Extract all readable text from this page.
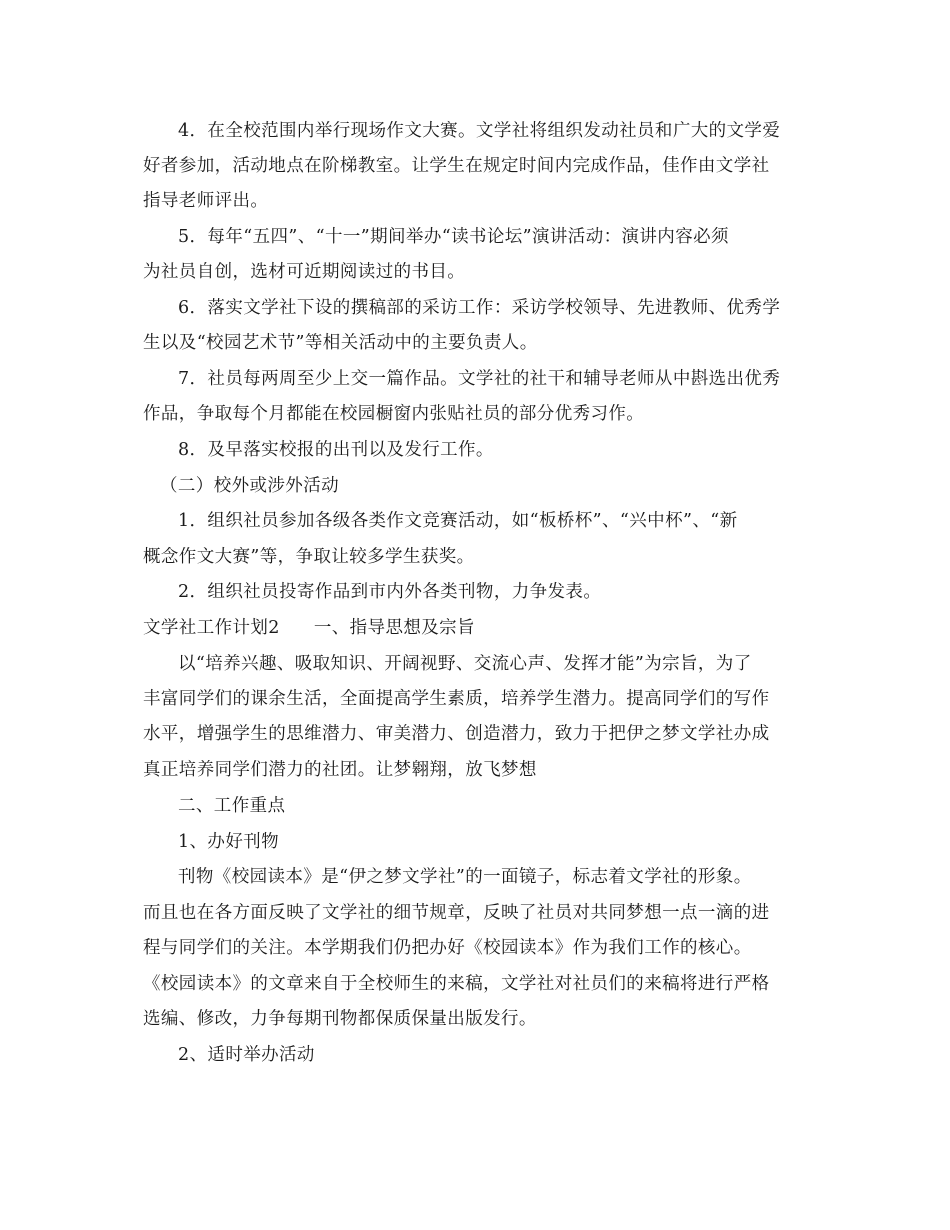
4．在全校范围内举行现场作文大赛。文学社将组织发动社员和广大的文学爱
好者参加，活动地点在阶梯教室。让学生在规定时间内完成作品，佳作由文学社
指导老师评出。
5．每年“五四”、“十一”期间举办“读书论坛”演讲活动：演讲内容必须
为社员自创，选材可近期阅读过的书目。
6．落实文学社下设的撰稿部的采访工作：采访学校领导、先进教师、优秀学
生以及“校园艺术节”等相关活动中的主要负责人。
7．社员每两周至少上交一篇作品。文学社的社干和辅导老师从中斟选出优秀
作品，争取每个月都能在校园橱窗内张贴社员的部分优秀习作。
8．及早落实校报的出刊以及发行工作。
（二）校外或涉外活动
1．组织社员参加各级各类作文竞赛活动，如“板桥杯”、“兴中杯”、“新
概念作文大赛”等，争取让较多学生获奖。
2．组织社员投寄作品到市内外各类刊物，力争发表。
文学社工作计划2 一、指导思想及宗旨
以“培养兴趣、吸取知识、开阔视野、交流心声、发挥才能”为宗旨，为了
丰富同学们的课余生活，全面提高学生素质，培养学生潜力。提高同学们的写作
水平，增强学生的思维潜力、审美潜力、创造潜力，致力于把伊之梦文学社办成
真正培养同学们潜力的社团。让梦翱翔，放飞梦想
二、工作重点
1、办好刊物
刊物《校园读本》是“伊之梦文学社”的一面镜子，标志着文学社的形象。
而且也在各方面反映了文学社的细节规章，反映了社员对共同梦想一点一滴的进
程与同学们的关注。本学期我们仍把办好《校园读本》作为我们工作的核心。
《校园读本》的文章来自于全校师生的来稿，文学社对社员们的来稿将进行严格
选编、修改，力争每期刊物都保质保量出版发行。
2、适时举办活动
